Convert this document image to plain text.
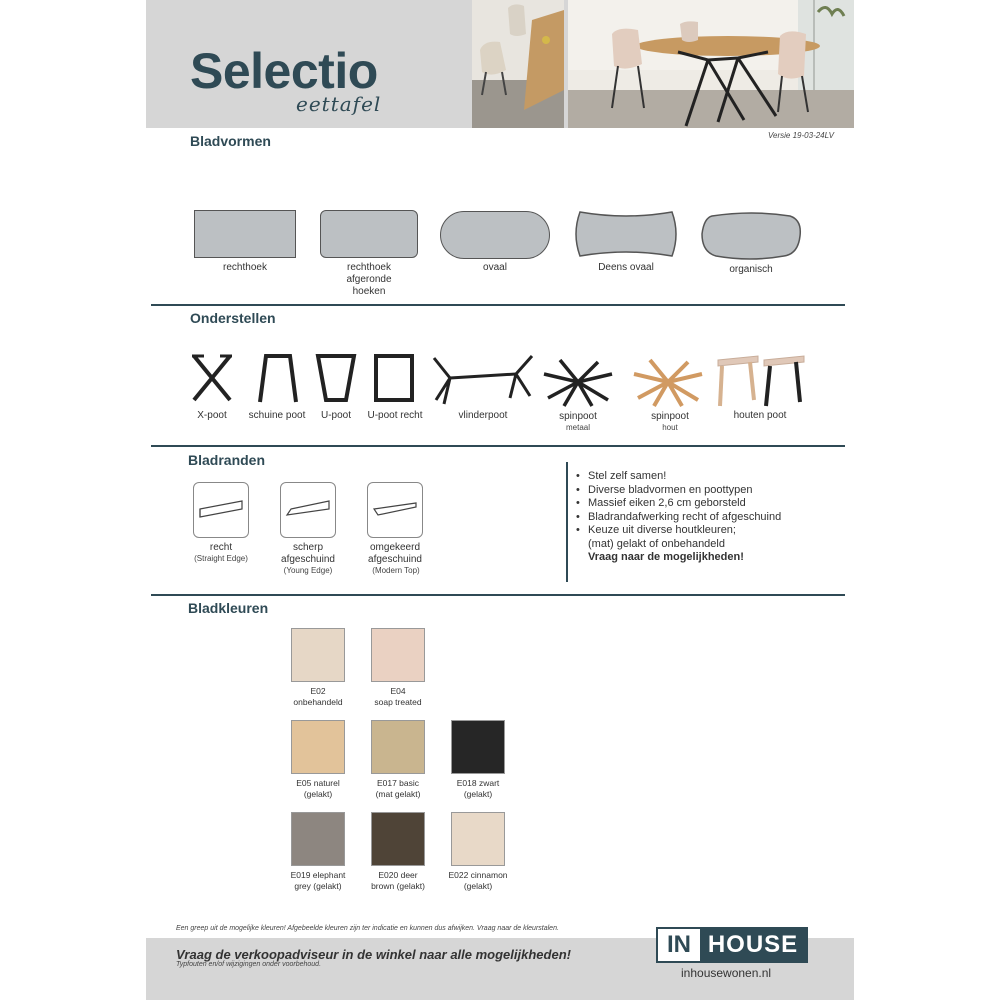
Selectio
eettafel
Versie 19-03-24LV
Bladvormen
rechthoek	rechthoek
afgeronde
hoeken
ovaal	Deens ovaal	organisch
Onderstellen
X-poot	schuine poot	U-poot	U-poot recht	vlinderpoot	spinpoot
metaal
spinpoot
hout
houten poot
Bladranden
recht
(Straight Edge)
scherp
afgeschuind
(Young Edge)
omgekeerd
afgeschuind
(Modern Top)
• Stel zelf samen!
• Diverse bladvormen en poottypen
• Massief eiken 2,6 cm geborsteld
• Bladrandafwerking recht of afgeschuind
• Keuze uit diverse houtkleuren;
(mat) gelakt of onbehandeld
Vraag naar de mogelijkheden!
Bladkleuren
E02
onbehandeld
E04
soap treated
E05 naturel
(gelakt)
E017 basic
(mat gelakt)
E018 zwart
(gelakt)
E019 elephant
grey (gelakt)
E020 deer
brown (gelakt)
E022 cinnamon
(gelakt)
Een greep uit de mogelijke kleuren! Afgebeelde kleuren zijn ter indicatie en kunnen dus afwijken. Vraag naar de kleurstalen.
Vraag de verkoopadviseur in de winkel naar alle mogelijkheden!
Typfouten en/of wijzigingen onder voorbehoud.
IN HOUSE
inhousewonen.nl
